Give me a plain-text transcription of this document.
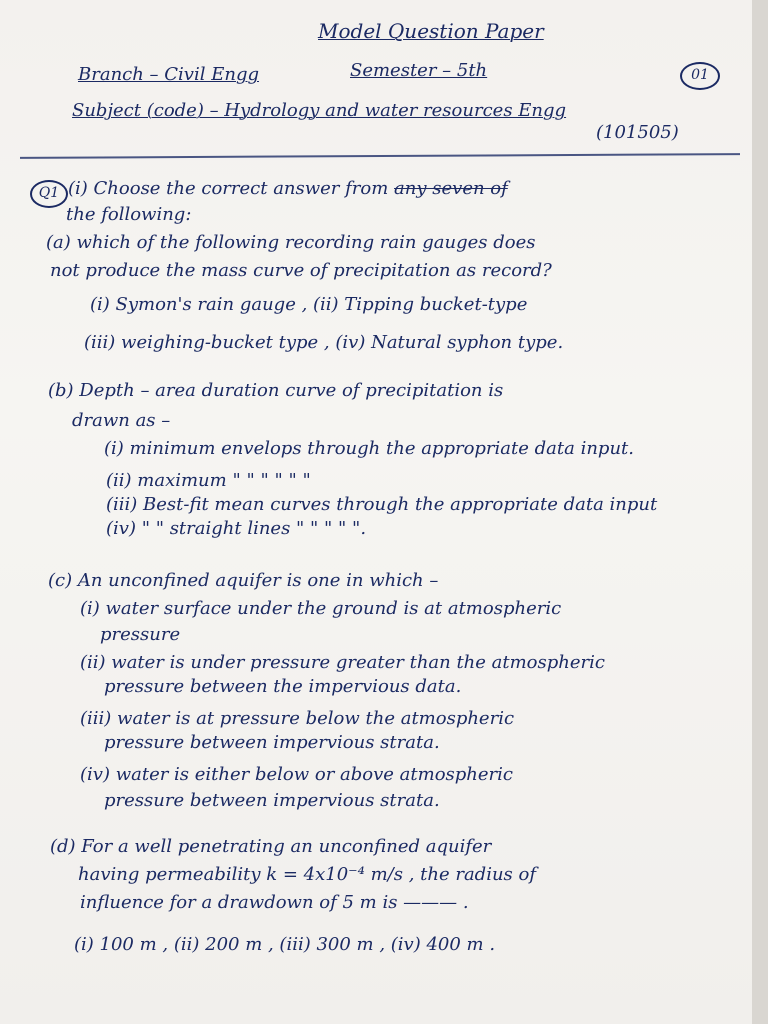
Model Question Paper
Branch – Civil Engg	Semester – 5th	01
Subject (code) – Hydrology and water resources Engg
(101505)
Q1 (i) Choose the correct answer from any seven of
the following:
(a) which of the following recording rain gauges does
not produce the mass curve of precipitation as record?
(i) Symon's rain gauge , (ii) Tipping bucket-type
(iii) weighing-bucket type , (iv) Natural syphon type.
(b) Depth – area duration curve of precipitation is
drawn as –
(i) minimum envelops through the appropriate data input.
(ii) maximum " " " " " "
(iii) Best-fit mean curves through the appropriate data input
(iv) " " straight lines " " " " ".
(c) An unconfined aquifer is one in which –
(i) water surface under the ground is at atmospheric
pressure
(ii) water is under pressure greater than the atmospheric
pressure between the impervious data.
(iii) water is at pressure below the atmospheric
pressure between impervious strata.
(iv) water is either below or above atmospheric
pressure between impervious strata.
(d) For a well penetrating an unconfined aquifer
having permeability k = 4x10⁻⁴ m/s , the radius of
influence for a drawdown of 5 m is ——— .
(i) 100 m , (ii) 200 m , (iii) 300 m , (iv) 400 m .
